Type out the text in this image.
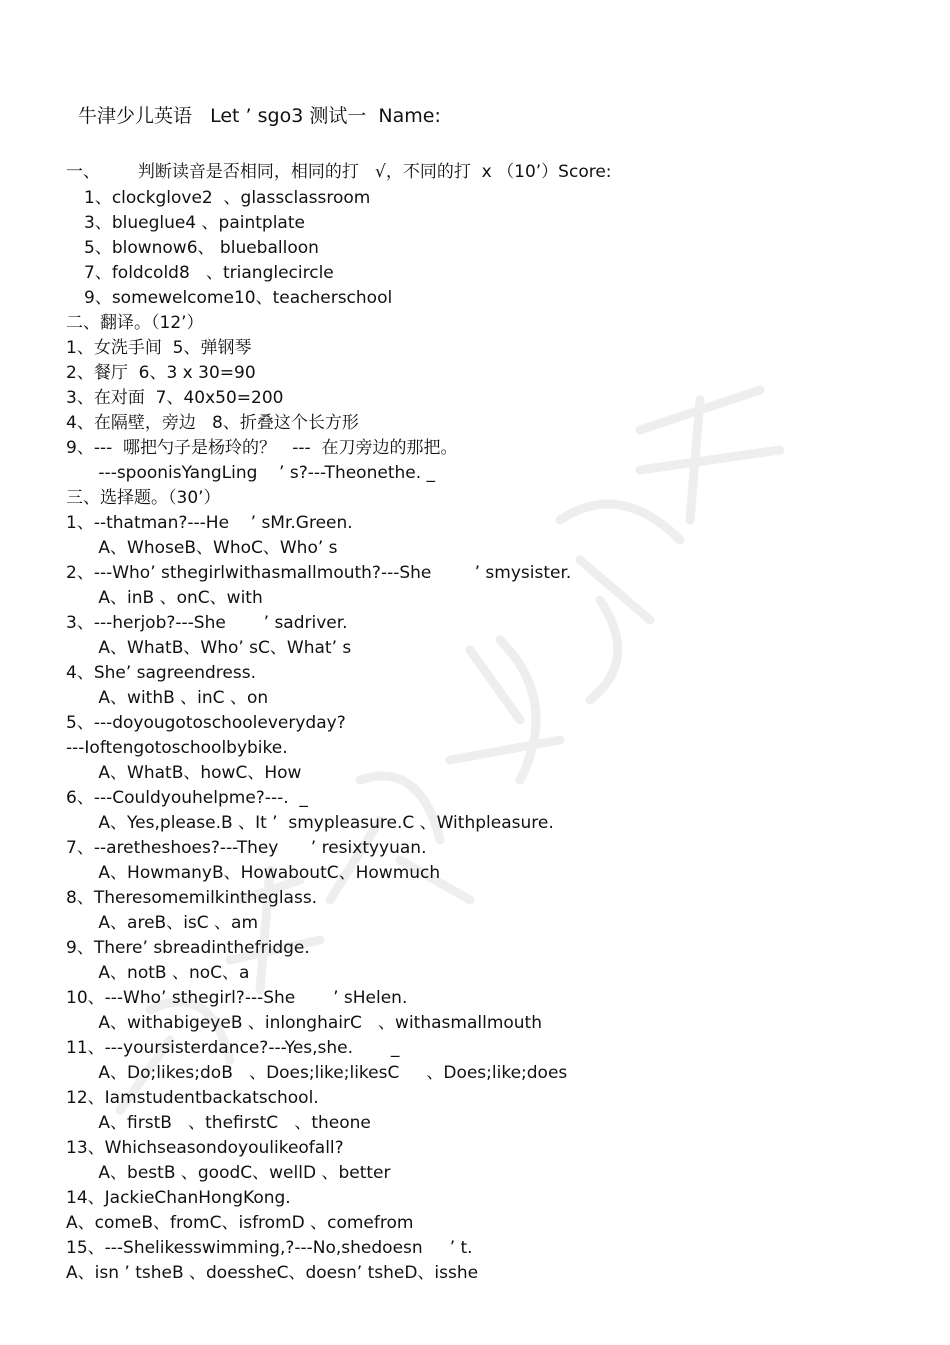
牛津少儿英语   Let ’ sgo3 测试一  Name:
一、       判断读音是否相同，相同的打   √，不同的打  x （10’）Score:
1、clockglove2  、glassclassroom
3、blueglue4 、paintplate
5、blownow6、 blueballoon
7、foldcold8   、trianglecircle
9、somewelcome10、teacherschool
二、翻译。（12’）
1、女洗手间  5、弹钢琴
2、餐厅  6、3 x 30=90
3、在对面  7、40x50=200
4、在隔壁，旁边   8、折叠这个长方形
9、---  哪把勺子是杨玲的？   ---  在刀旁边的那把。
---spoonisYangLing    ’ s?---Theonethe. _
三、选择题。（30’）
1、--thatman?---He    ’ sMr.Green.
A、WhoseB、WhoC、Who’ s
2、---Who’ sthegirlwithasmallmouth?---She        ’ smysister.
A、inB 、onC、with
3、---herjob?---She       ’ sadriver.
A、WhatB、Who’ sC、What’ s
4、She’ sagreendress.
A、withB 、inC 、on
5、---doyougotoschooleveryday?
---Ioftengotoschoolbybike.
A、WhatB、howC、How
6、---Couldyouhelpme?---.  _
A、Yes,please.B 、It ’  smypleasure.C 、Withpleasure.
7、--aretheshoes?---They      ’ resixtyyuan.
A、HowmanyB、HowaboutC、Howmuch
8、Theresomemilkintheglass.
A、areB、isC 、am
9、There’ sbreadinthefridge.
A、notB 、noC、a
10、---Who’ sthegirl?---She       ’ sHelen.
A、withabigeyeB 、inlonghairC   、withasmallmouth
11、---yoursisterdance?---Yes,she.       _
A、Do;likes;doB   、Does;like;likesC     、Does;like;does
12、Iamstudentbackatschool.
A、firstB   、thefirstC   、theone
13、Whichseasondoyoulikeofall?
A、bestB 、goodC、wellD 、better
14、JackieChanHongKong.
A、comeB、fromC、isfromD 、comefrom
15、---Shelikesswimming,?---No,shedoesn     ’ t.
A、isn ’ tsheB 、doessheC、doesn’ tsheD、isshe
